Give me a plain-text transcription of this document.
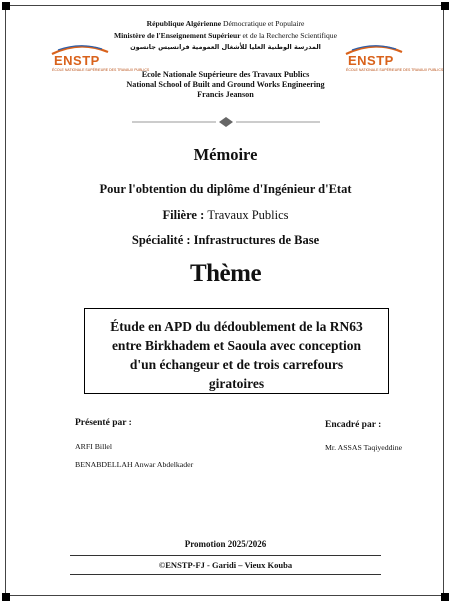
République Algérienne Démocratique et Populaire
Ministère de l'Enseignement Supérieur et de la Recherche Scientifique
المدرسة الوطنية العليا للأشغال العمومية فرانسيس جانسون
ENSTP
ÉCOLE NATIONALE SUPÉRIEURE DES TRAVAUX PUBLICS
ENSTP
ÉCOLE NATIONALE SUPÉRIEURE DES TRAVAUX PUBLICS
Ecole Nationale Supérieure des Travaux Publics
National School of Built and Ground Works Engineering
Francis Jeanson
Mémoire
Pour l'obtention du diplôme d'Ingénieur d'Etat
Filière : Travaux Publics
Spécialité : Infrastructures de Base
Thème
Étude en APD du dédoublement de la RN63
entre Birkhadem et Saoula avec conception
d'un échangeur et de trois carrefours
giratoires
Présenté par :	Encadré par :
ARFI Billel
BENABDELLAH Anwar Abdelkader
Mr. ASSAS Taqiyeddine
Promotion 2025/2026
©ENSTP-FJ - Garidi – Vieux Kouba
